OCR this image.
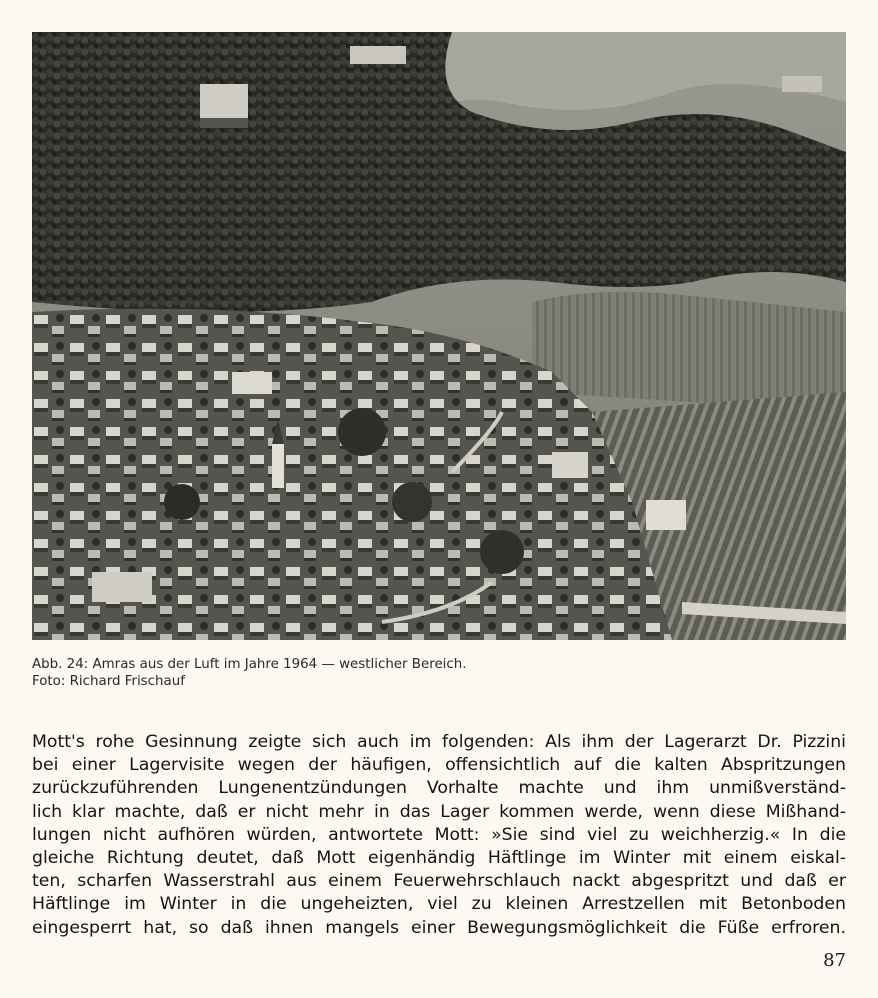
Abb. 24: Amras aus der Luft im Jahre 1964 — westlicher Bereich.
Foto: Richard Frischauf
Mott's rohe Gesinnung zeigte sich auch im folgenden: Als ihm der Lagerarzt Dr. Pizzini
bei einer Lagervisite wegen der häufigen, offensichtlich auf die kalten Abspritzungen
zurückzuführenden Lungenentzündungen Vorhalte machte und ihm unmißverständ-
lich klar machte, daß er nicht mehr in das Lager kommen werde, wenn diese Mißhand-
lungen nicht aufhören würden, antwortete Mott: »Sie sind viel zu weichherzig.« In die
gleiche Richtung deutet, daß Mott eigenhändig Häftlinge im Winter mit einem eiskal-
ten, scharfen Wasserstrahl aus einem Feuerwehrschlauch nackt abgespritzt und daß er
Häftlinge im Winter in die ungeheizten, viel zu kleinen Arrestzellen mit Betonboden
eingesperrt hat, so daß ihnen mangels einer Bewegungsmöglichkeit die Füße erfroren.
87
